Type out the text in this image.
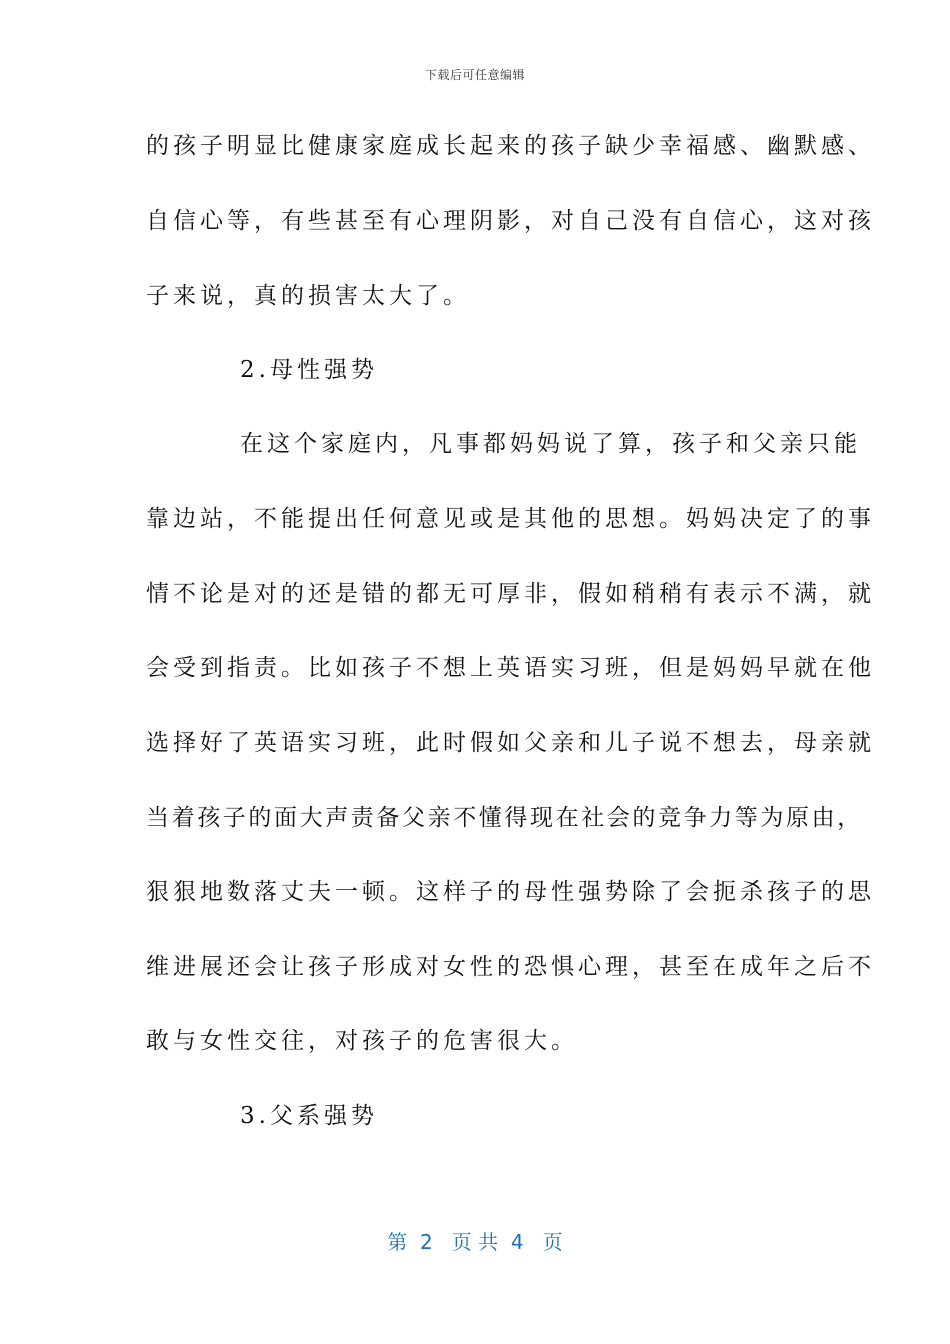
下载后可任意编辑
的孩子明显比健康家庭成长起来的孩子缺少幸福感、幽默感、
自信心等，有些甚至有心理阴影，对自己没有自信心，这对孩
子来说，真的损害太大了。
2.母性强势
在这个家庭内，凡事都妈妈说了算，孩子和父亲只能
靠边站，不能提出任何意见或是其他的思想。妈妈决定了的事
情不论是对的还是错的都无可厚非，假如稍稍有表示不满，就
会受到指责。比如孩子不想上英语实习班，但是妈妈早就在他
选择好了英语实习班，此时假如父亲和儿子说不想去，母亲就
当着孩子的面大声责备父亲不懂得现在社会的竞争力等为原由，
狠狠地数落丈夫一顿。这样子的母性强势除了会扼杀孩子的思
维进展还会让孩子形成对女性的恐惧心理，甚至在成年之后不
敢与女性交往，对孩子的危害很大。
3.父系强势
第  2   页 共  4   页
